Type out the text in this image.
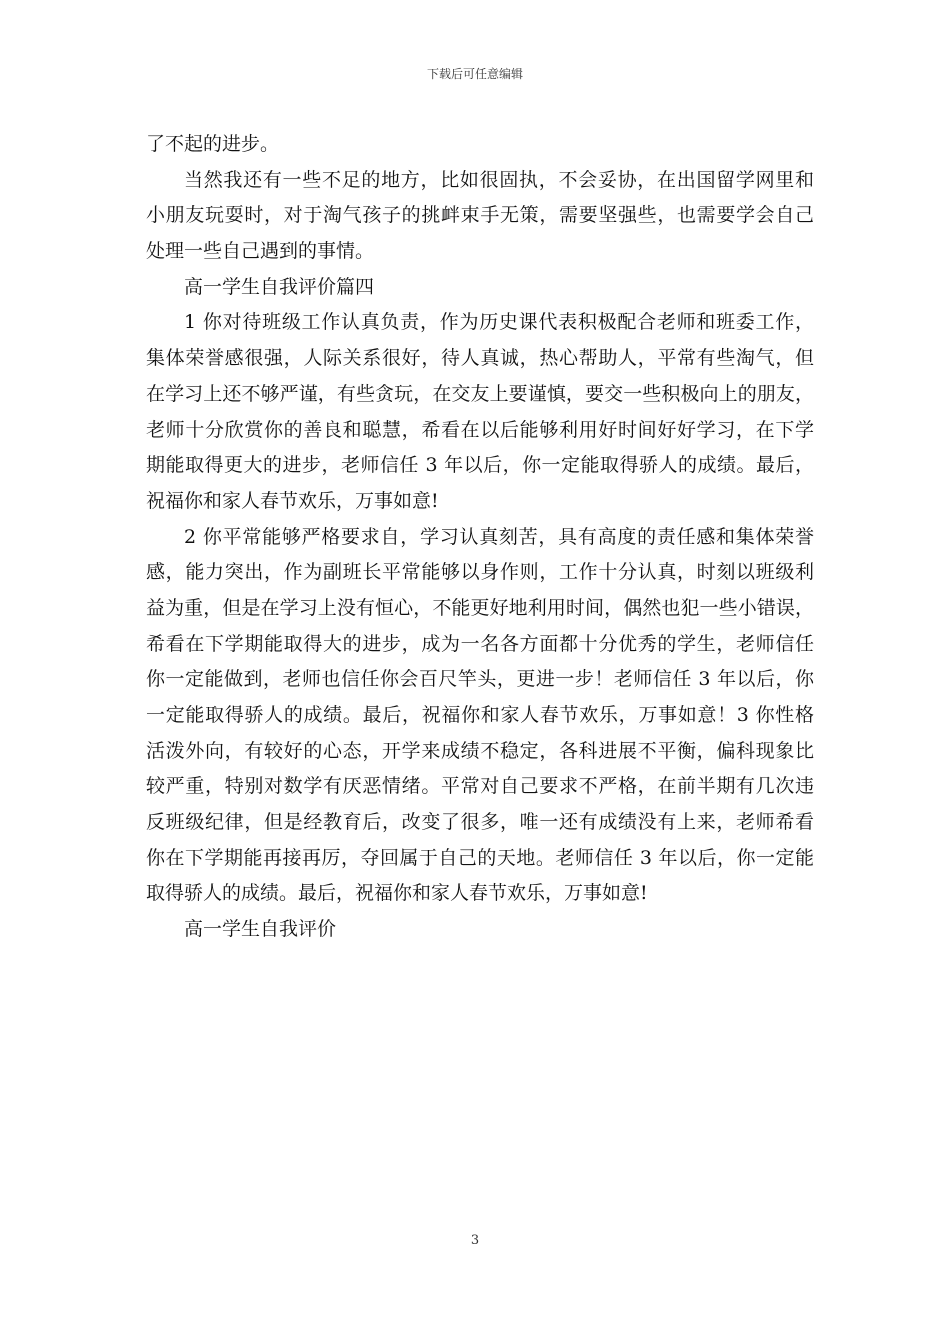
下载后可任意编辑
了不起的进步。
当然我还有一些不足的地方，比如很固执，不会妥协，在出国留学网里和
小朋友玩耍时，对于淘气孩子的挑衅束手无策，需要坚强些，也需要学会自己
处理一些自己遇到的事情。
高一学生自我评价篇四
1 你对待班级工作认真负责，作为历史课代表积极配合老师和班委工作，
集体荣誉感很强，人际关系很好，待人真诚，热心帮助人，平常有些淘气，但
在学习上还不够严谨，有些贪玩，在交友上要谨慎，要交一些积极向上的朋友，
老师十分欣赏你的善良和聪慧，希看在以后能够利用好时间好好学习，在下学
期能取得更大的进步，老师信任 3 年以后，你一定能取得骄人的成绩。最后，
祝福你和家人春节欢乐，万事如意!
2 你平常能够严格要求自，学习认真刻苦，具有高度的责任感和集体荣誉
感，能力突出，作为副班长平常能够以身作则，工作十分认真，时刻以班级利
益为重，但是在学习上没有恒心，不能更好地利用时间，偶然也犯一些小错误，
希看在下学期能取得大的进步，成为一名各方面都十分优秀的学生，老师信任
你一定能做到，老师也信任你会百尺竿头，更进一步！老师信任 3 年以后，你
一定能取得骄人的成绩。最后，祝福你和家人春节欢乐，万事如意！3 你性格
活泼外向，有较好的心态，开学来成绩不稳定，各科进展不平衡，偏科现象比
较严重，特别对数学有厌恶情绪。平常对自己要求不严格，在前半期有几次违
反班级纪律，但是经教育后，改变了很多，唯一还有成绩没有上来，老师希看
你在下学期能再接再厉，夺回属于自己的天地。老师信任 3 年以后，你一定能
取得骄人的成绩。最后，祝福你和家人春节欢乐，万事如意!
高一学生自我评价
3
